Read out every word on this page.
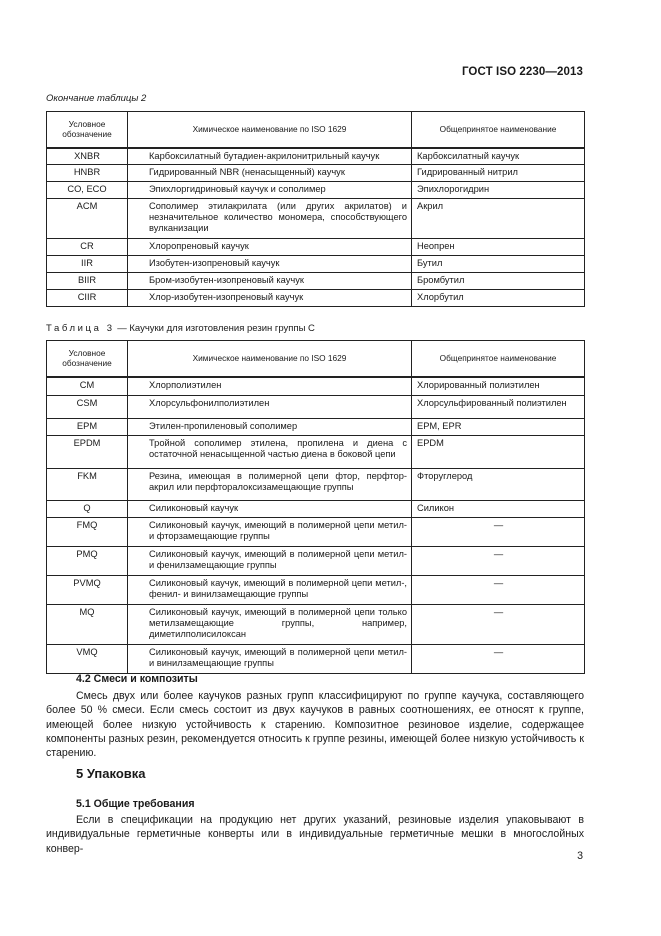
ГОСТ ISO 2230—2013
Окончание таблицы 2
Условное обозначение	Химическое наименование по ISO 1629	Общепринятое наименование
XNBR	Карбоксилатный бутадиен-акрилонитрильный каучук	Карбоксилатный каучук
HNBR	Гидрированный NBR (ненасыщенный) каучук	Гидрированный нитрил
CO, ECO	Эпихлоргидриновый каучук и сополимер	Эпихлорогидрин
ACM	Сополимер этилакрилата (или других акрилатов) и незначительное количество мономера, способствующего вулканизации	Акрил
CR	Хлоропреновый каучук	Неопрен
IIR	Изобутен-изопреновый каучук	Бутил
BIIR	Бром-изобутен-изопреновый каучук	Бромбутил
CIIR	Хлор-изобутен-изопреновый каучук	Хлорбутил
Таблица 3 — Каучуки для изготовления резин группы С
Условное обозначение	Химическое наименование по ISO 1629	Общепринятое наименование
CM	Хлорполиэтилен	Хлорированный полиэтилен
CSM	Хлорсульфонилполиэтилен	Хлорсульфированный полиэтилен
EPM	Этилен-пропиленовый сополимер	EPM, EPR
EPDM	Тройной сополимер этилена, пропилена и диена с остаточной ненасыщенной частью диена в боковой цепи	EPDM
FKM	Резина, имеющая в полимерной цепи фтор, перфтор-акрил или перфторалоксизамещающие группы	Фторуглерод
Q	Силиконовый каучук	Силикон
FMQ	Силиконовый каучук, имеющий в полимерной цепи метил- и фторзамещающие группы	—
PMQ	Силиконовый каучук, имеющий в полимерной цепи метил- и фенилзамещающие группы	—
PVMQ	Силиконовый каучук, имеющий в полимерной цепи метил-, фенил- и винилзамещающие группы	—
MQ	Силиконовый каучук, имеющий в полимерной цепи только метилзамещающие группы, например, диметилполисилоксан	—
VMQ	Силиконовый каучук, имеющий в полимерной цепи метил- и винилзамещающие группы	—
4.2 Смеси и композиты
Смесь двух или более каучуков разных групп классифицируют по группе каучука, составляющего более 50 % смеси. Если смесь состоит из двух каучуков в равных соотношениях, ее относят к группе, имеющей более низкую устойчивость к старению. Композитное резиновое изделие, содержащее компоненты разных резин, рекомендуется относить к группе резины, имеющей более низкую устойчивость к старению.
5 Упаковка
5.1 Общие требования
Если в спецификации на продукцию нет других указаний, резиновые изделия упаковывают в индивидуальные герметичные конверты или в индивидуальные герметичные мешки в многослойных конвер-
3
